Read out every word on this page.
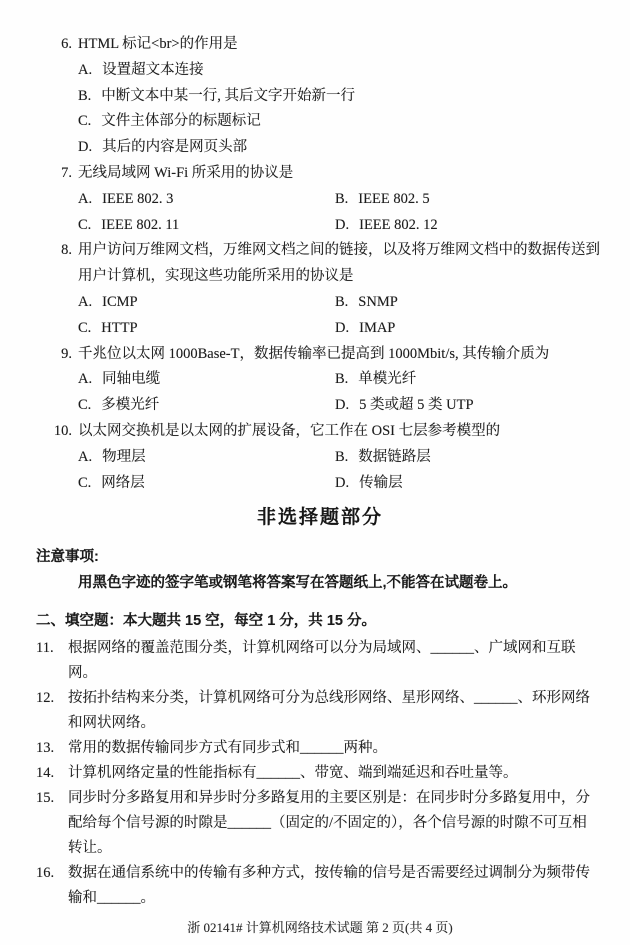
6. HTML 标记<br>的作用是
A. 设置超文本连接
B. 中断文本中某一行, 其后文字开始新一行
C. 文件主体部分的标题标记
D. 其后的内容是网页头部
7. 无线局域网 Wi-Fi 所采用的协议是
A. IEEE 802. 3	B. IEEE 802. 5
C. IEEE 802. 11	D. IEEE 802. 12
8. 用户访问万维网文档，万维网文档之间的链接，以及将万维网文档中的数据传送到
用户计算机，实现这些功能所采用的协议是
A. ICMP	B. SNMP
C. HTTP	D. IMAP
9. 千兆位以太网 1000Base-T，数据传输率已提高到 1000Mbit/s, 其传输介质为
A. 同轴电缆	B. 单模光纤
C. 多模光纤	D. 5 类或超 5 类 UTP
10. 以太网交换机是以太网的扩展设备，它工作在 OSI 七层参考模型的
A. 物理层	B. 数据链路层
C. 网络层	D. 传输层
非选择题部分
注意事项:
用黑色字迹的签字笔或钢笔将答案写在答题纸上,不能答在试题卷上。
二、填空题：本大题共 15 空，每空 1 分，共 15 分。
11. 根据网络的覆盖范围分类，计算机网络可以分为局域网、______、广域网和互联网。
12. 按拓扑结构来分类，计算机网络可分为总线形网络、星形网络、______、环形网络
和网状网络。
13. 常用的数据传输同步方式有同步式和______两种。
14. 计算机网络定量的性能指标有______、带宽、端到端延迟和吞吐量等。
15. 同步时分多路复用和异步时分多路复用的主要区别是：在同步时分多路复用中，分
配给每个信号源的时隙是______（固定的/不固定的），各个信号源的时隙不可互相
转让。
16. 数据在通信系统中的传输有多种方式，按传输的信号是否需要经过调制分为频带传
输和______。
浙 02141# 计算机网络技术试题 第 2 页(共 4 页)
